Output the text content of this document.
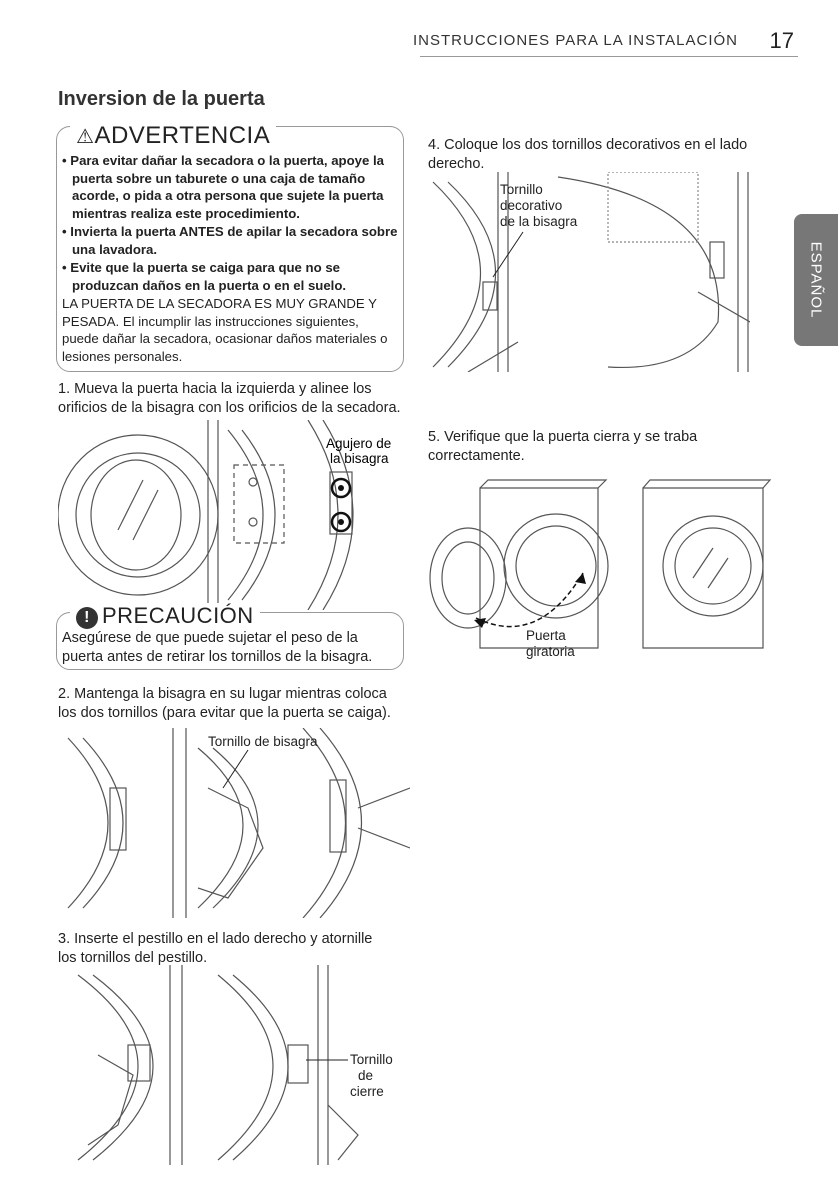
INSTRUCCIONES PARA LA INSTALACIÓN 17
ESPAÑOL
Inversion de la puerta
⚠ADVERTENCIA

• Para evitar dañar la secadora o la puerta, apoye la puerta sobre un taburete o una caja de tamaño acorde, o pida a otra persona que sujete la puerta mientras realiza este procedimiento.

• Invierta la puerta ANTES de apilar la secadora sobre una lavadora.

• Evite que la puerta se caiga para que no se produzcan daños en la puerta o en el suelo.

LA PUERTA DE LA SECADORA ES MUY GRANDE Y PESADA. El incumplir las instrucciones siguientes, puede dañar la secadora, ocasionar daños materiales o lesiones personales.

1. Mueva la puerta hacia la izquierda y alinee los orificios de la bisagra con los orificios de la secadora.
Agujero de
la bisagra
! PRECAUCIÓN
Asegúrese de que puede sujetar el peso de la puerta antes de retirar los tornillos de la bisagra.
2. Mantenga la bisagra en su lugar mientras coloca los dos tornillos (para evitar que la puerta se caiga).
Tornillo de bisagra
3. Inserte el pestillo en el lado derecho y atornille los tornillos del pestillo.
Tornillo
de
cierre
4. Coloque los dos tornillos decorativos en el lado derecho.
Tornillo
decorativo
de la bisagra
5. Verifique que la puerta cierra y se traba correctamente.
Puerta
giratoria
